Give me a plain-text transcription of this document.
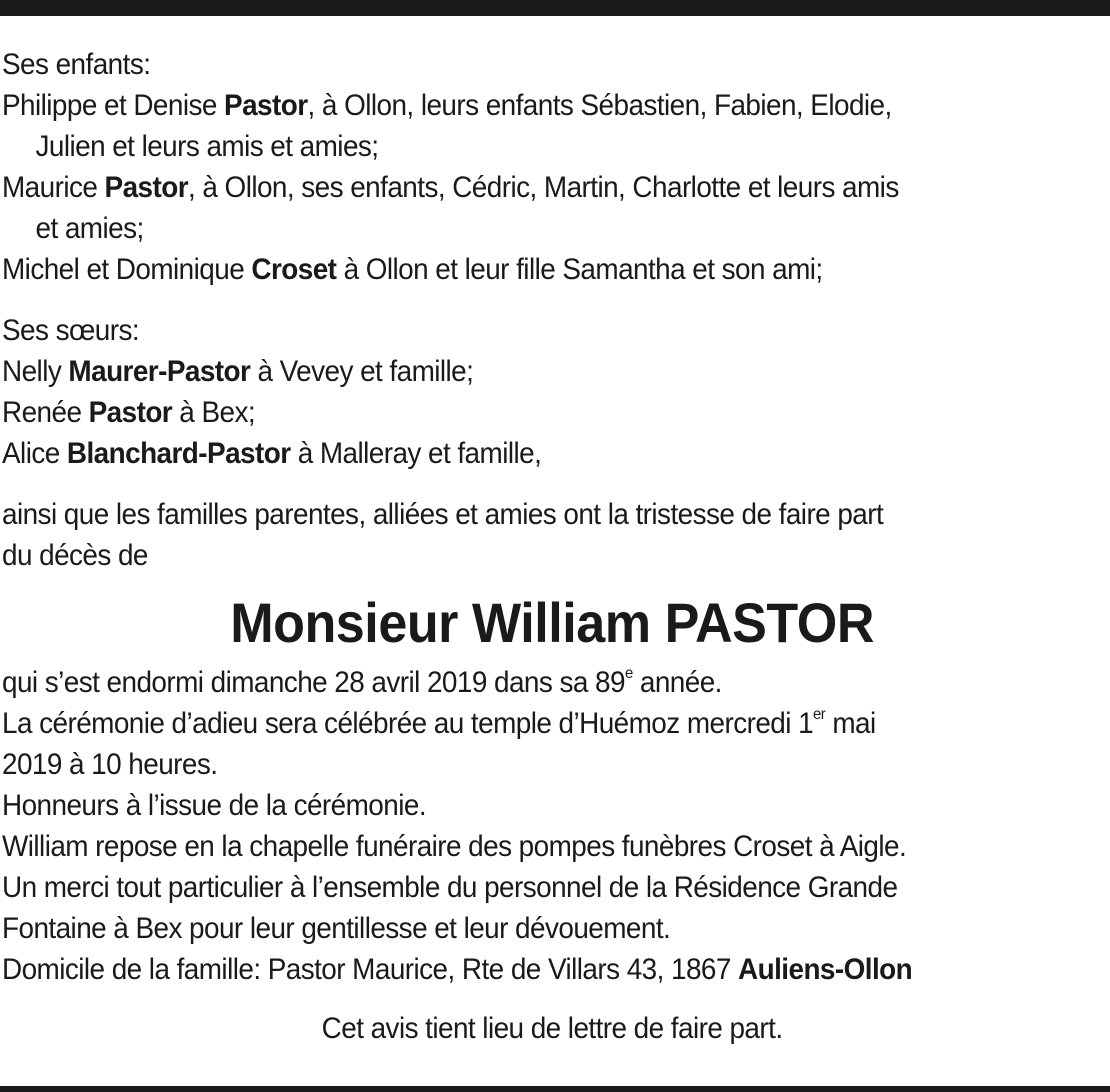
Ses enfants:
Philippe et Denise Pastor, à Ollon, leurs enfants Sébastien, Fabien, Elodie,
Julien et leurs amis et amies;
Maurice Pastor, à Ollon, ses enfants, Cédric, Martin, Charlotte et leurs amis
et amies;
Michel et Dominique Croset à Ollon et leur fille Samantha et son ami;
Ses sœurs:
Nelly Maurer-Pastor à Vevey et famille;
Renée Pastor à Bex;
Alice Blanchard-Pastor à Malleray et famille,
ainsi que les familles parentes, alliées et amies ont la tristesse de faire part
du décès de
Monsieur William PASTOR
qui s’est endormi dimanche 28 avril 2019 dans sa 89e année.
La cérémonie d’adieu sera célébrée au temple d’Huémoz mercredi 1er mai
2019 à 10 heures.
Honneurs à l’issue de la cérémonie.
William repose en la chapelle funéraire des pompes funèbres Croset à Aigle.
Un merci tout particulier à l’ensemble du personnel de la Résidence Grande
Fontaine à Bex pour leur gentillesse et leur dévouement.
Domicile de la famille: Pastor Maurice, Rte de Villars 43, 1867 Auliens-Ollon
Cet avis tient lieu de lettre de faire part.
